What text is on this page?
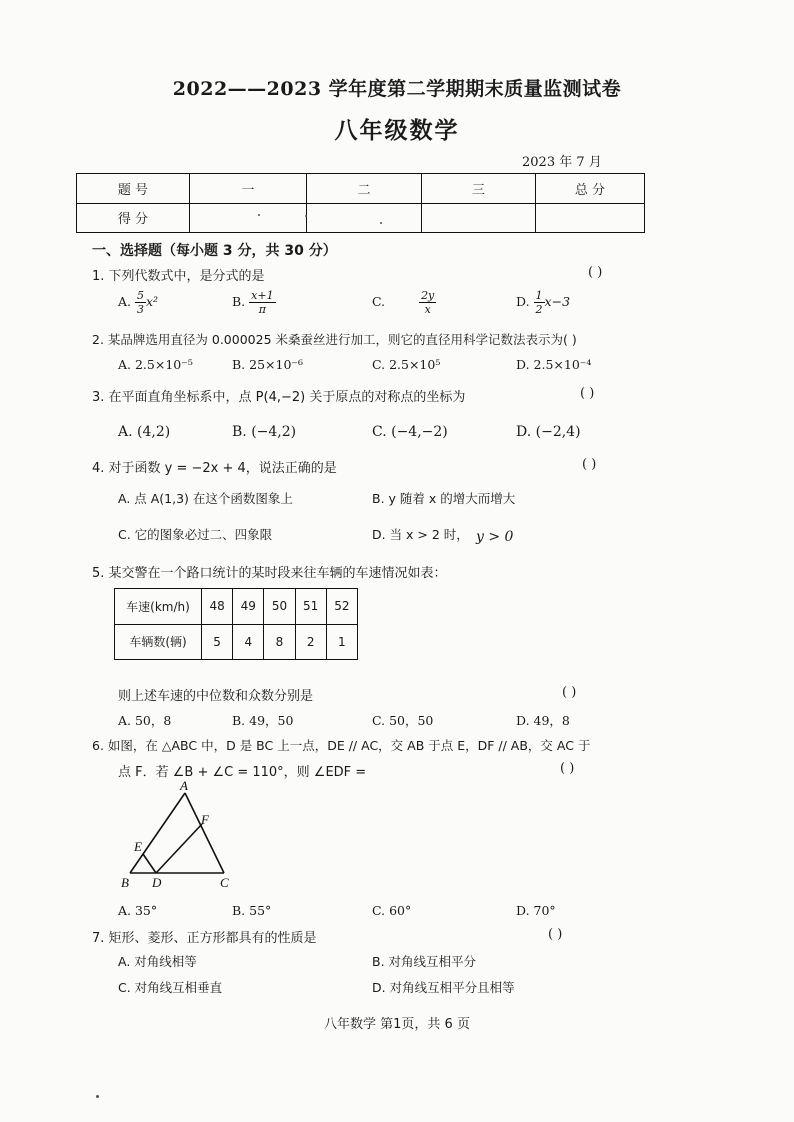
2022——2023 学年度第二学期期末质量监测试卷
八年级数学
2023 年 7 月
题 号	一	二	三	总 分
得 分				
一、选择题（每小题 3 分，共 30 分）
1. 下列代数式中，是分式的是	( )
A. $\frac{5}{3} x^2$	B. $\frac{x+1}{\pi}$	C.	$\frac{2y}{x}$	D. $\frac{1}{2} x-3$
2. 某品牌选用直径为 0.000025 米桑蚕丝进行加工，则它的直径用科学记数法表示为( )
A. 2.5×10⁻⁵	B. 25×10⁻⁶	C. 2.5×10⁵	D. 2.5×10⁻⁴
3. 在平面直角坐标系中，点 P(4,−2) 关于原点的对称点的坐标为	( )
A. (4,2)	B. (−4,2)	C. (−4,−2)	D. (−2,4)
4. 对于函数 y = −2x + 4，说法正确的是	( )
A. 点 A(1,3) 在这个函数图象上	B. y 随着 x 的增大而增大
C. 它的图象必过二、四象限	D. 当 x > 2 时， y > 0
5. 某交警在一个路口统计的某时段来往车辆的车速情况如表：
车速(km/h)	48	49	50	51	52
车辆数(辆)	5	4	8	2	1
则上述车速的中位数和众数分别是	( )
A. 50，8	B. 49，50	C. 50，50	D. 49，8
6. 如图，在 △ABC 中，D 是 BC 上一点，DE // AC，交 AB 于点 E，DF // AB，交 AC 于
点 F．若 ∠B + ∠C = 110°，则 ∠EDF =	( )
A
F
E
B D	C
A. 35°	B. 55°	C. 60°	D. 70°
7. 矩形、菱形、正方形都具有的性质是	( )
A. 对角线相等	B. 对角线互相平分
C. 对角线互相垂直	D. 对角线互相平分且相等
八年数学 第1页，共 6 页
